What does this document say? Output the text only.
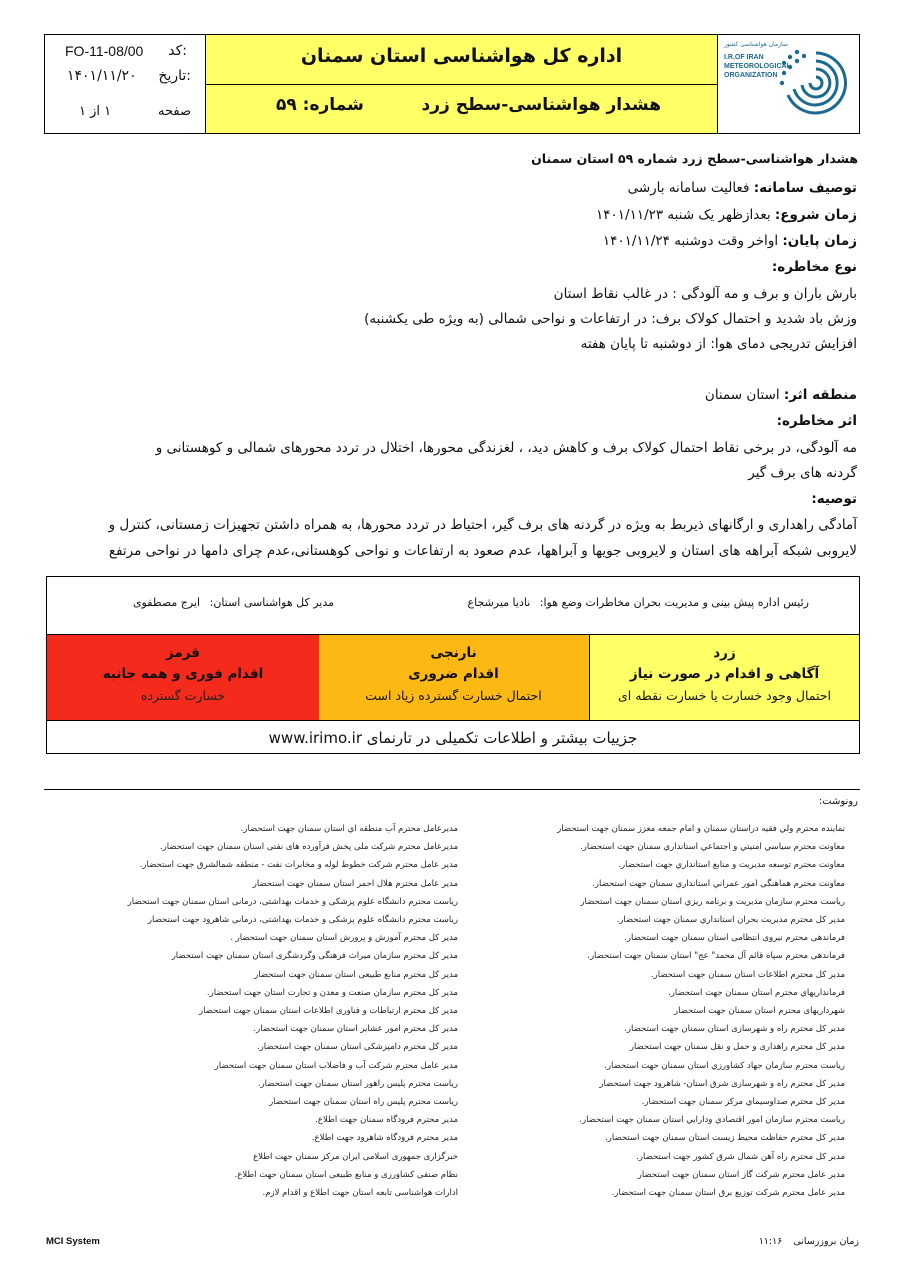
سازمان هواشناسی کشور
I.R.OF IRAN
METEOROLOGICAL
ORGANIZATION
اداره کل هواشناسی استان سمنان
هشدار هواشناسی-سطح زرد
شماره: ۵۹
کد:
FO-11-08/00
تاریخ:
۱۴۰۱/۱۱/۲۰
صفحه
۱ از ۱
هشدار هواشناسی-سطح زرد شماره ۵۹ استان سمنان
توصیف سامانه: فعالیت سامانه بارشی
زمان شروع: بعدازظهر یک شنبه ۱۴۰۱/۱۱/۲۳
زمان پایان: اواخر وقت دوشنبه ۱۴۰۱/۱۱/۲۴
نوع مخاطره:
بارش باران و برف و مه آلودگی : در غالب نقاط استان
وزش باد شدید و احتمال کولاک برف: در ارتفاعات و نواحی شمالی (به ویژه طی یکشنبه)
افزایش تدریجی دمای هوا: از دوشنبه تا پایان هفته
منطقه اثر: استان سمنان
اثر مخاطره:
مه آلودگی، در برخی نقاط احتمال کولاک برف و کاهش دید، ، لغزندگی محورها، اختلال در تردد محورهای شمالی و کوهستانی و
گردنه های برف گیر
توصیه:
آمادگی راهداری و ارگانهای ذیربط به ویژه در گردنه های برف گیر، احتیاط در تردد محورها، به همراه داشتن تجهیزات زمستانی، کنترل و
لایروبی شبکه آبراهه های استان و لایروبی جویها و آبراهها، عدم صعود به ارتفاعات و نواحی کوهستانی،عدم چرای دامها در نواحی مرتفع
رئیس اداره پیش بینی و مدیریت بحران مخاطرات وضع هوا: نادیا میرشجاع
مدیر کل هواشناسی استان: ایرج مصطفوی
زرد
آگاهی و اقدام در صورت نیاز
احتمال وجود خسارت یا خسارت نقطه ای
نارنجی
اقدام ضروری
احتمال خسارت گسترده زیاد است
قرمز
اقدام فوری و همه جانبه
خسارت گسترده
جزییات بیشتر و اطلاعات تکمیلی در تارنمای www.irimo.ir
رونوشت:
نماینده محترم ولي فقيه دراستان سمنان و امام جمعه معزز سمنان جهت استحضار
معاونت محترم سياسي امنيتي و اجتماعي استانداري سمنان جهت استحضار.
معاونت محترم توسعه مديريت و منابع استانداري جهت استحضار.
معاونت محترم هماهنگی امور عمراني استانداري سمنان جهت استحضار.
رياست محترم سازمان مديريت و برنامه ريزي استان سمنان جهت استحضار
مدير کل محترم مديريت بحران استانداري سمنان جهت استحضار.
فرماندهی محترم نيروی انتظامی استان سمنان جهت استحضار.
فرماندهی محترم سپاه قائم آل محمد" عج" استان سمنان جهت استحضار.
مدير کل محترم اطلاعات استان سمنان جهت استحضار.
فرمانداريهاي محترم استان سمنان جهت استحضار.
شهرداريهای محترم استان سمنان جهت استحضار
مدیر کل محترم راه و شهرسازی استان سمنان جهت استحضار.
مدير کل محترم راهداری و حمل و نقل سمنان جهت استحضار
رياست محترم سازمان جهاد کشاورزي استان سمنان جهت استحضار.
مدير کل محترم راه و شهرسازی شرق استان- شاهرود جهت استحضار
مدير کل محترم صداوسيماي مرکز سمنان جهت استحضار.
رياست محترم سازمان امور اقتصادي ودارايي استان سمنان جهت استحضار.
مدير کل محترم حفاظت محيط زيست استان سمنان جهت استحضار.
مدير کل محترم راه آهن شمال شرق کشور جهت استحضار.
مدير عامل محترم شرکت گاز استان سمنان جهت استحضار
مدير عامل محترم شرکت توزيع برق استان سمنان جهت استحضار.
مديرعامل محترم آب منطقه اي استان سمنان جهت استحضار.
مديرعامل محترم شرکت ملی پخش فرآورده های نفتی استان سمنان جهت استحضار.
مدير عامل محترم شرکت خطوط لوله و مخابرات نفت - منطقه شمالشرق جهت استحضار.
مدير عامل محترم هلال احمر استان سمنان جهت استحضار
رياست محترم دانشگاه علوم پزشکی و خدمات بهداشتی، درمانی استان سمنان جهت استحضار
رياست محترم دانشگاه علوم پزشکی و خدمات بهداشتی، درمانی شاهرود جهت استحضار
مدير کل محترم آموزش و پرورش استان سمنان جهت استحضار .
مدير کل محترم سازمان ميراث فرهنگی وگردشگری استان سمنان جهت استحضار
مدير کل محترم منابع طبيعی استان سمنان جهت استحضار
مدير کل محترم سازمان صنعت و معدن و تجارت استان جهت استحضار.
مدير کل محترم ارتباطات و فناوری اطلاعات استان سمنان جهت استحضار
مدير کل محترم امور عشاير استان سمنان جهت استحضار.
مدير کل محترم دامپزشکی استان سمنان جهت استحضار.
مدیر عامل محترم شرکت آب و فاضلاب استان سمنان جهت استحضار
رياست محترم پليس راهور استان سمنان جهت استحضار.
رياست محترم پليس راه استان سمنان جهت استحضار
مدير محترم فرودگاه سمنان جهت اطلاع.
مدير محترم فرودگاه شاهرود جهت اطلاع.
خبرگزاری جمهوری اسلامی ایران مرکز سمنان جهت اطلاع
نظام صنفی کشاورزی و منابع طبيعی استان سمنان جهت اطلاع.
ادارات هواشناسی تابعه استان جهت اطلاع و اقدام لازم.
MCI System	زمان بروزرسانی ۱۱:۱۶
